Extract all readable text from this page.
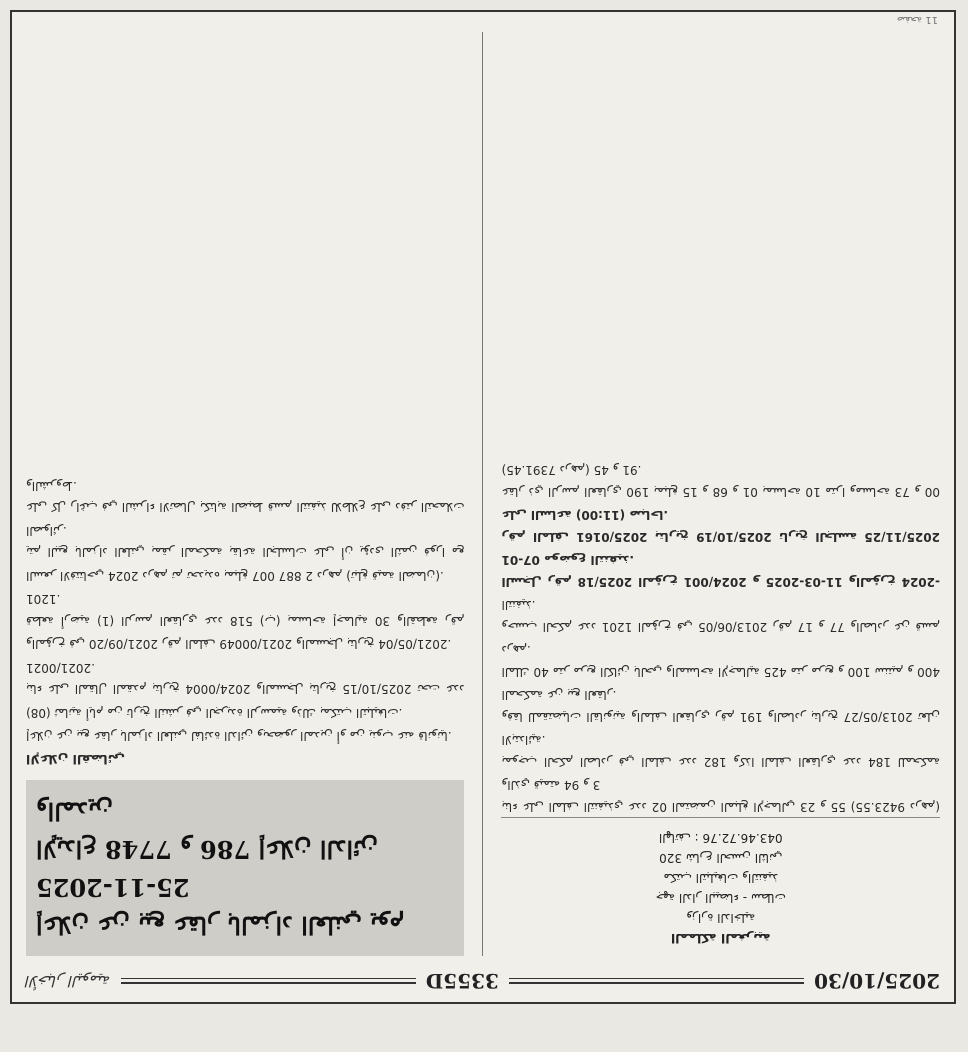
2025/10/30
3355D
الأخبار اليومية
المملكة المغربية
وزارة الداخلية
جهة الدار البيضاء - سطات
مكتب التبليغات والتنفيذ
320 شارع الحسن الثاني
الهاتف : 043.46.72.76

بناء على الملف التنفيذي عدد 02 المتضمن المبلغ الإجمالي 23 و 55 (9423.55 درهم) والذي قيمته 94 و 3

بموجب الحكم الصادر في الملف عدد 182 وكذا الملف العقاري عدد 184 للمحكمة الابتدائية.

وفقا للمقتضيات القانونية والملف العقاري رقم 191 والصادر بتاريخ 2013/05/27 تعلن المحكمة عن بيع العقار.

الملك 40 متر مربع الكائن بالحي والمساحة الإجمالية 425 متر مربع و 100 سنتيم و 400 درهم.

وحسب الحكم عدد 1201 المؤرخ في 2013/06/05 رقم 17 و 77 والصادر عن قسم التنفيذ.

السجل رقم 2025/18 المؤرخ 2024/001 و 2025-03-11 والمؤرخ 2024-01-07 موضوع التنفيذ.

رقم الملف 2025/0161 بتاريخ 2025/10/19 تاريخ الجلسة 2025/11/25 على الساعة (11:00) صباحا.

عقار ذي الرسم العقاري 190 بمبلغ 15 و 68 و 01 بمساحة 10 مترا ومساحة 73 و 00 (7391.45 درهم) 45 و 91.

إعلان عن بيع عقار بالمزاد العلني يوم 2025-11-25
الإيداع 7748 و 786 إعلان الدائن والمدين
الإعلان القضائي

إعلان عن بيع عقار بالمزاد العلني لفائدة الدائن وبحضور المدين أو من ينوب عنه قانونيا.

(08) ثمانية أيام من تاريخ النشر في الجريدة الرسمية وذلك بمكتب التبليغات.

بناء على المقال المقدم بتاريخ 2024/0004 والمسجل بتاريخ 2025/10/15 تحت عدد 2021/0021.

والمؤرخ في 2021/09/20 رقم الملف 2021/00049 والمسجل بتاريخ 2021/05/04.

قطعة أرضية (1) الرسم العقاري عدد 518 (ب) بمساحة إجمالية 30 والقطعة رقم 1201.

السعر الافتتاحي 2024 درهم تم تحديده بمبلغ 007 887 2 درهم (تبلغ قيمة الضمان).

يتم البيع بالمزاد العلني بمقر المحكمة بقاعة الجلسات على أن يؤدى الثمن فورا مع الصوائر.

على كل راغب في الشراء الاتصال بكتابة الضبط قسم التنفيذ للاطلاع على دفتر التحملات والشروط.

صفحة 11
